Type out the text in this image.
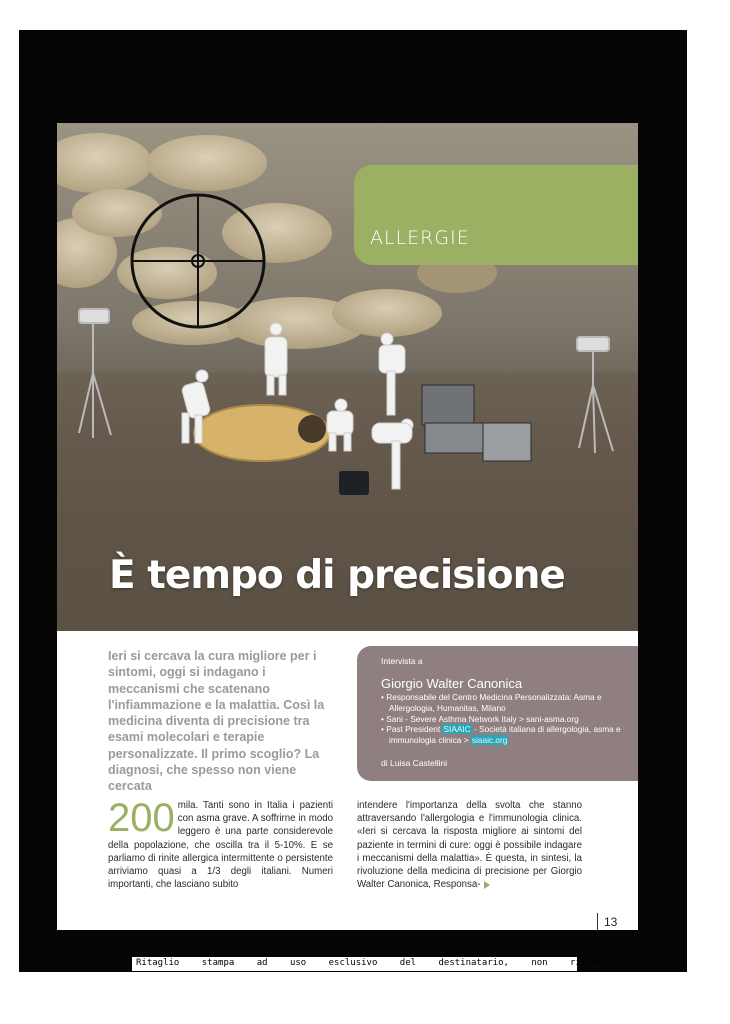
ALLERGIE
È tempo di precisione
Ieri si cercava la cura migliore per i sintomi, oggi si indagano i meccanismi che scatenano l'infiammazione e la malattia. Così la medicina diventa di precisione tra esami molecolari e terapie personalizzate. Il primo scoglio? La diagnosi, che spesso non viene cercata
Intervista a
Giorgio Walter Canonica
• Responsabile del Centro Medicina Personalizzata: Asma e Allergologia, Humanitas, Milano
• Sani - Severe Asthma Network Italy > sani-asma.org
• Past President SIAAIC - Società italiana di allergologia, asma e immunologia clinica > siaaic.org
di Luisa Castellini
200 mila. Tanti sono in Italia i pazienti con asma grave. A soffrirne in modo leggero è una parte considerevole della popolazione, che oscilla tra il 5-10%. E se parliamo di rinite allergica intermittente o persistente arriviamo quasi a 1/3 degli italiani. Numeri importanti, che lasciano subito
intendere l'importanza della svolta che stanno attraversando l'allergologia e l'immunologia clinica. «Ieri si cercava la risposta migliore ai sintomi del paziente in termini di cure: oggi è possibile indagare i meccanismi della malattia». È questa, in sintesi, la rivoluzione della medicina di precisione per Giorgio Walter Canonica, Responsa-
13
Ritaglio stampa ad uso esclusivo del destinatario, non riproducibile.
